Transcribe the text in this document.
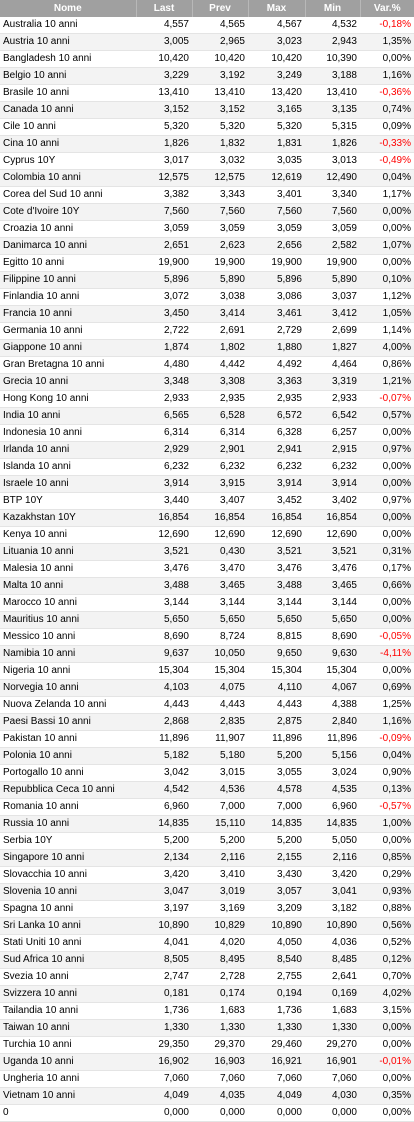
Nome	Last	Prev	Max	Min	Var.%
Australia 10 anni	4,557	4,565	4,567	4,532	-0,18%
Austria 10 anni	3,005	2,965	3,023	2,943	1,35%
Bangladesh 10 anni	10,420	10,420	10,420	10,390	0,00%
Belgio 10 anni	3,229	3,192	3,249	3,188	1,16%
Brasile 10 anni	13,410	13,410	13,420	13,410	-0,36%
Canada 10 anni	3,152	3,152	3,165	3,135	0,74%
Cile 10 anni	5,320	5,320	5,320	5,315	0,09%
Cina 10 anni	1,826	1,832	1,831	1,826	-0,33%
Cyprus 10Y	3,017	3,032	3,035	3,013	-0,49%
Colombia 10 anni	12,575	12,575	12,619	12,490	0,04%
Corea del Sud 10 anni	3,382	3,343	3,401	3,340	1,17%
Cote d'Ivoire 10Y	7,560	7,560	7,560	7,560	0,00%
Croazia 10 anni	3,059	3,059	3,059	3,059	0,00%
Danimarca 10 anni	2,651	2,623	2,656	2,582	1,07%
Egitto 10 anni	19,900	19,900	19,900	19,900	0,00%
Filippine 10 anni	5,896	5,890	5,896	5,890	0,10%
Finlandia 10 anni	3,072	3,038	3,086	3,037	1,12%
Francia 10 anni	3,450	3,414	3,461	3,412	1,05%
Germania 10 anni	2,722	2,691	2,729	2,699	1,14%
Giappone 10 anni	1,874	1,802	1,880	1,827	4,00%
Gran Bretagna 10 anni	4,480	4,442	4,492	4,464	0,86%
Grecia 10 anni	3,348	3,308	3,363	3,319	1,21%
Hong Kong 10 anni	2,933	2,935	2,935	2,933	-0,07%
India 10 anni	6,565	6,528	6,572	6,542	0,57%
Indonesia 10 anni	6,314	6,314	6,328	6,257	0,00%
Irlanda 10 anni	2,929	2,901	2,941	2,915	0,97%
Islanda 10 anni	6,232	6,232	6,232	6,232	0,00%
Israele 10 anni	3,914	3,915	3,914	3,914	0,00%
BTP 10Y	3,440	3,407	3,452	3,402	0,97%
Kazakhstan 10Y	16,854	16,854	16,854	16,854	0,00%
Kenya 10 anni	12,690	12,690	12,690	12,690	0,00%
Lituania 10 anni	3,521	0,430	3,521	3,521	0,31%
Malesia 10 anni	3,476	3,470	3,476	3,476	0,17%
Malta 10 anni	3,488	3,465	3,488	3,465	0,66%
Marocco 10 anni	3,144	3,144	3,144	3,144	0,00%
Mauritius 10 anni	5,650	5,650	5,650	5,650	0,00%
Messico 10 anni	8,690	8,724	8,815	8,690	-0,05%
Namibia 10 anni	9,637	10,050	9,650	9,630	-4,11%
Nigeria 10 anni	15,304	15,304	15,304	15,304	0,00%
Norvegia 10 anni	4,103	4,075	4,110	4,067	0,69%
Nuova Zelanda 10 anni	4,443	4,443	4,443	4,388	1,25%
Paesi Bassi 10 anni	2,868	2,835	2,875	2,840	1,16%
Pakistan 10 anni	11,896	11,907	11,896	11,896	-0,09%
Polonia 10 anni	5,182	5,180	5,200	5,156	0,04%
Portogallo 10 anni	3,042	3,015	3,055	3,024	0,90%
Repubblica Ceca 10 anni	4,542	4,536	4,578	4,535	0,13%
Romania 10 anni	6,960	7,000	7,000	6,960	-0,57%
Russia 10 anni	14,835	15,110	14,835	14,835	1,00%
Serbia 10Y	5,200	5,200	5,200	5,050	0,00%
Singapore 10 anni	2,134	2,116	2,155	2,116	0,85%
Slovacchia 10 anni	3,420	3,410	3,430	3,420	0,29%
Slovenia 10 anni	3,047	3,019	3,057	3,041	0,93%
Spagna 10 anni	3,197	3,169	3,209	3,182	0,88%
Sri Lanka 10 anni	10,890	10,829	10,890	10,890	0,56%
Stati Uniti 10 anni	4,041	4,020	4,050	4,036	0,52%
Sud Africa 10 anni	8,505	8,495	8,540	8,485	0,12%
Svezia 10 anni	2,747	2,728	2,755	2,641	0,70%
Svizzera 10 anni	0,181	0,174	0,194	0,169	4,02%
Tailandia 10 anni	1,736	1,683	1,736	1,683	3,15%
Taiwan 10 anni	1,330	1,330	1,330	1,330	0,00%
Turchia 10 anni	29,350	29,370	29,460	29,270	0,00%
Uganda 10 anni	16,902	16,903	16,921	16,901	-0,01%
Ungheria 10 anni	7,060	7,060	7,060	7,060	0,00%
Vietnam 10 anni	4,049	4,035	4,049	4,030	0,35%
0	0,000	0,000	0,000	0,000	0,00%
